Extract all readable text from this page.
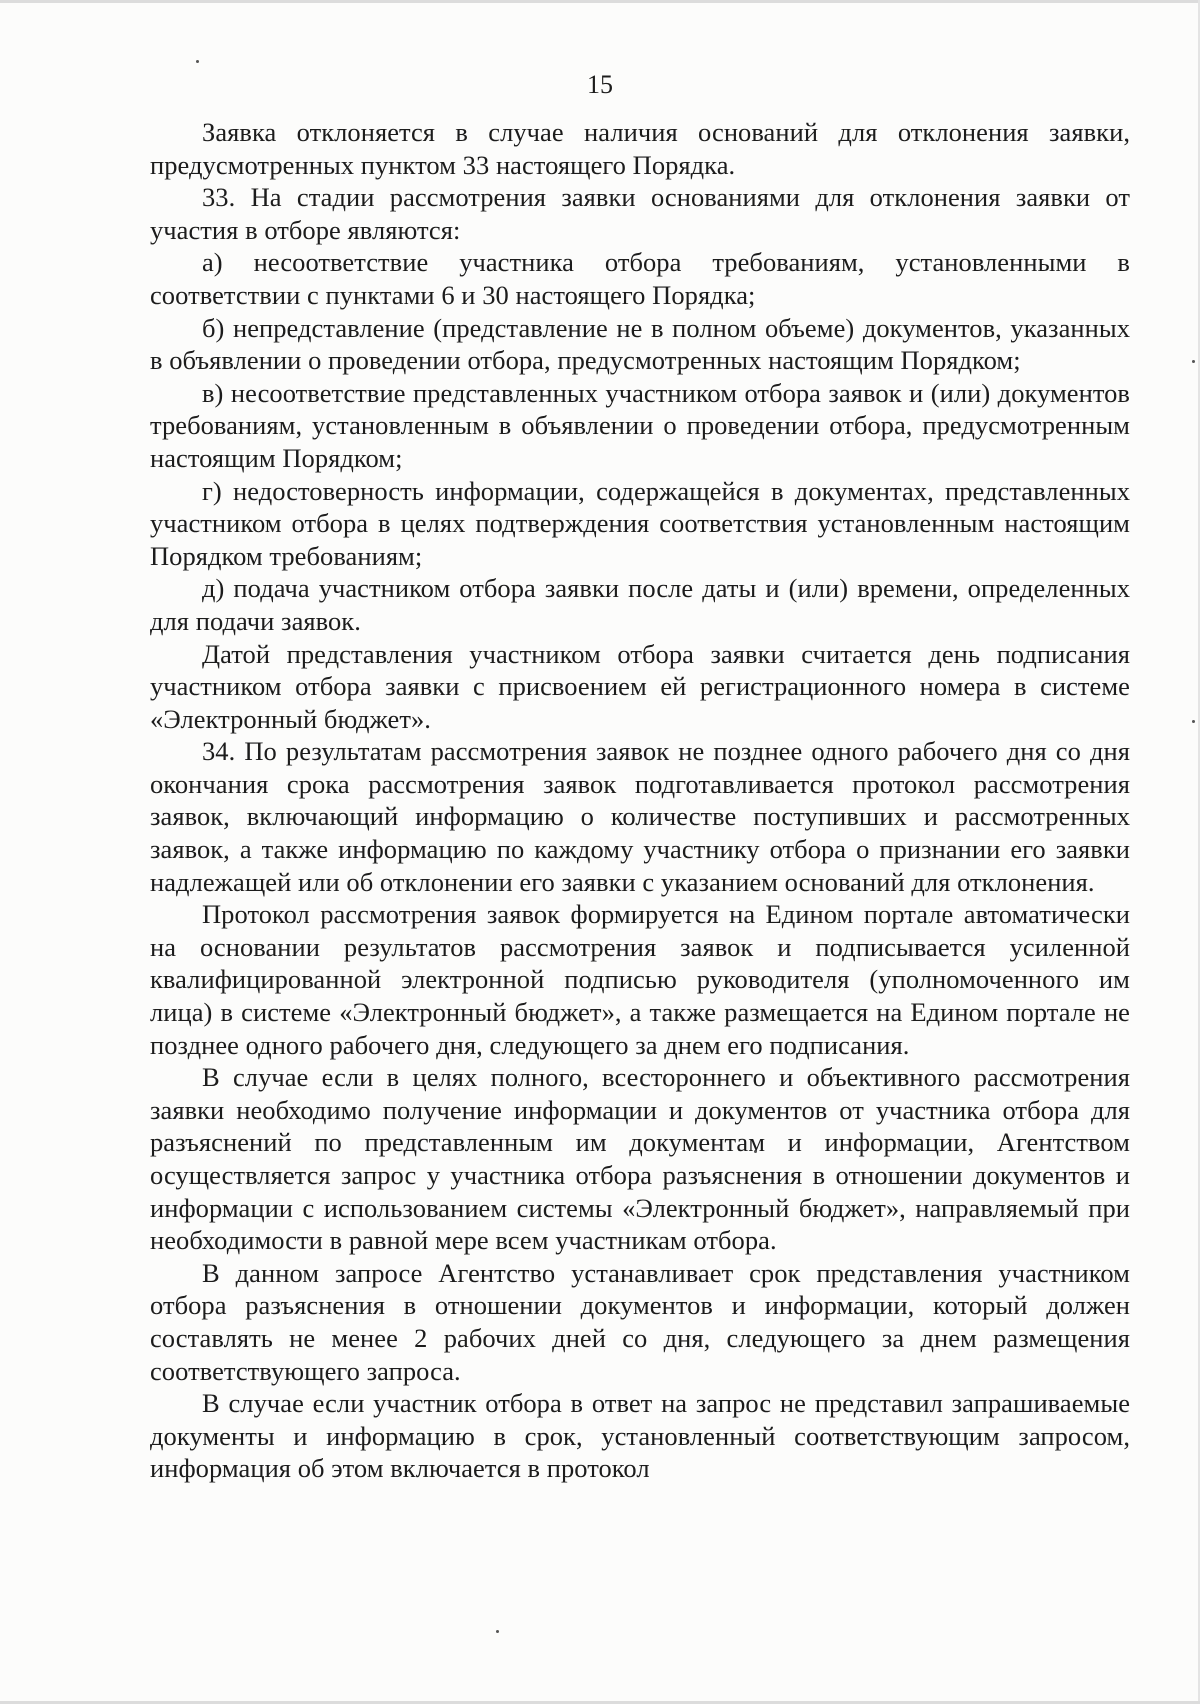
15

Заявка отклоняется в случае наличия оснований для отклонения заявки, предусмотренных пунктом 33 настоящего Порядка.

33. На стадии рассмотрения заявки основаниями для отклонения заявки от участия в отборе являются:

а) несоответствие участника отбора требованиям, установленными в соответствии с пунктами 6 и 30 настоящего Порядка;

б) непредставление (представление не в полном объеме) документов, указанных в объявлении о проведении отбора, предусмотренных настоящим Порядком;

в) несоответствие представленных участником отбора заявок и (или) документов требованиям, установленным в объявлении о проведении отбора, предусмотренным настоящим Порядком;

г) недостоверность информации, содержащейся в документах, представленных участником отбора в целях подтверждения соответствия установленным настоящим Порядком требованиям;

д) подача участником отбора заявки после даты и (или) времени, определенных для подачи заявок.

Датой представления участником отбора заявки считается день подписания участником отбора заявки с присвоением ей регистрационного номера в системе «Электронный бюджет».

34. По результатам рассмотрения заявок не позднее одного рабочего дня со дня окончания срока рассмотрения заявок подготавливается протокол рассмотрения заявок, включающий информацию о количестве поступивших и рассмотренных заявок, а также информацию по каждому участнику отбора о признании его заявки надлежащей или об отклонении его заявки с указанием оснований для отклонения.

Протокол рассмотрения заявок формируется на Едином портале автоматически на основании результатов рассмотрения заявок и подписывается усиленной квалифицированной электронной подписью руководителя (уполномоченного им лица) в системе «Электронный бюджет», а также размещается на Едином портале не позднее одного рабочего дня, следующего за днем его подписания.

В случае если в целях полного, всестороннего и объективного рассмотрения заявки необходимо получение информации и документов от участника отбора для разъяснений по представленным им документам и информации, Агентством осуществляется запрос у участника отбора разъяснения в отношении документов и информации с использованием системы «Электронный бюджет», направляемый при необходимости в равной мере всем участникам отбора.

В данном запросе Агентство устанавливает срок представления участником отбора разъяснения в отношении документов и информации, который должен составлять не менее 2 рабочих дней со дня, следующего за днем размещения соответствующего запроса.

В случае если участник отбора в ответ на запрос не представил запрашиваемые документы и информацию в срок, установленный соответствующим запросом, информация об этом включается в протокол
